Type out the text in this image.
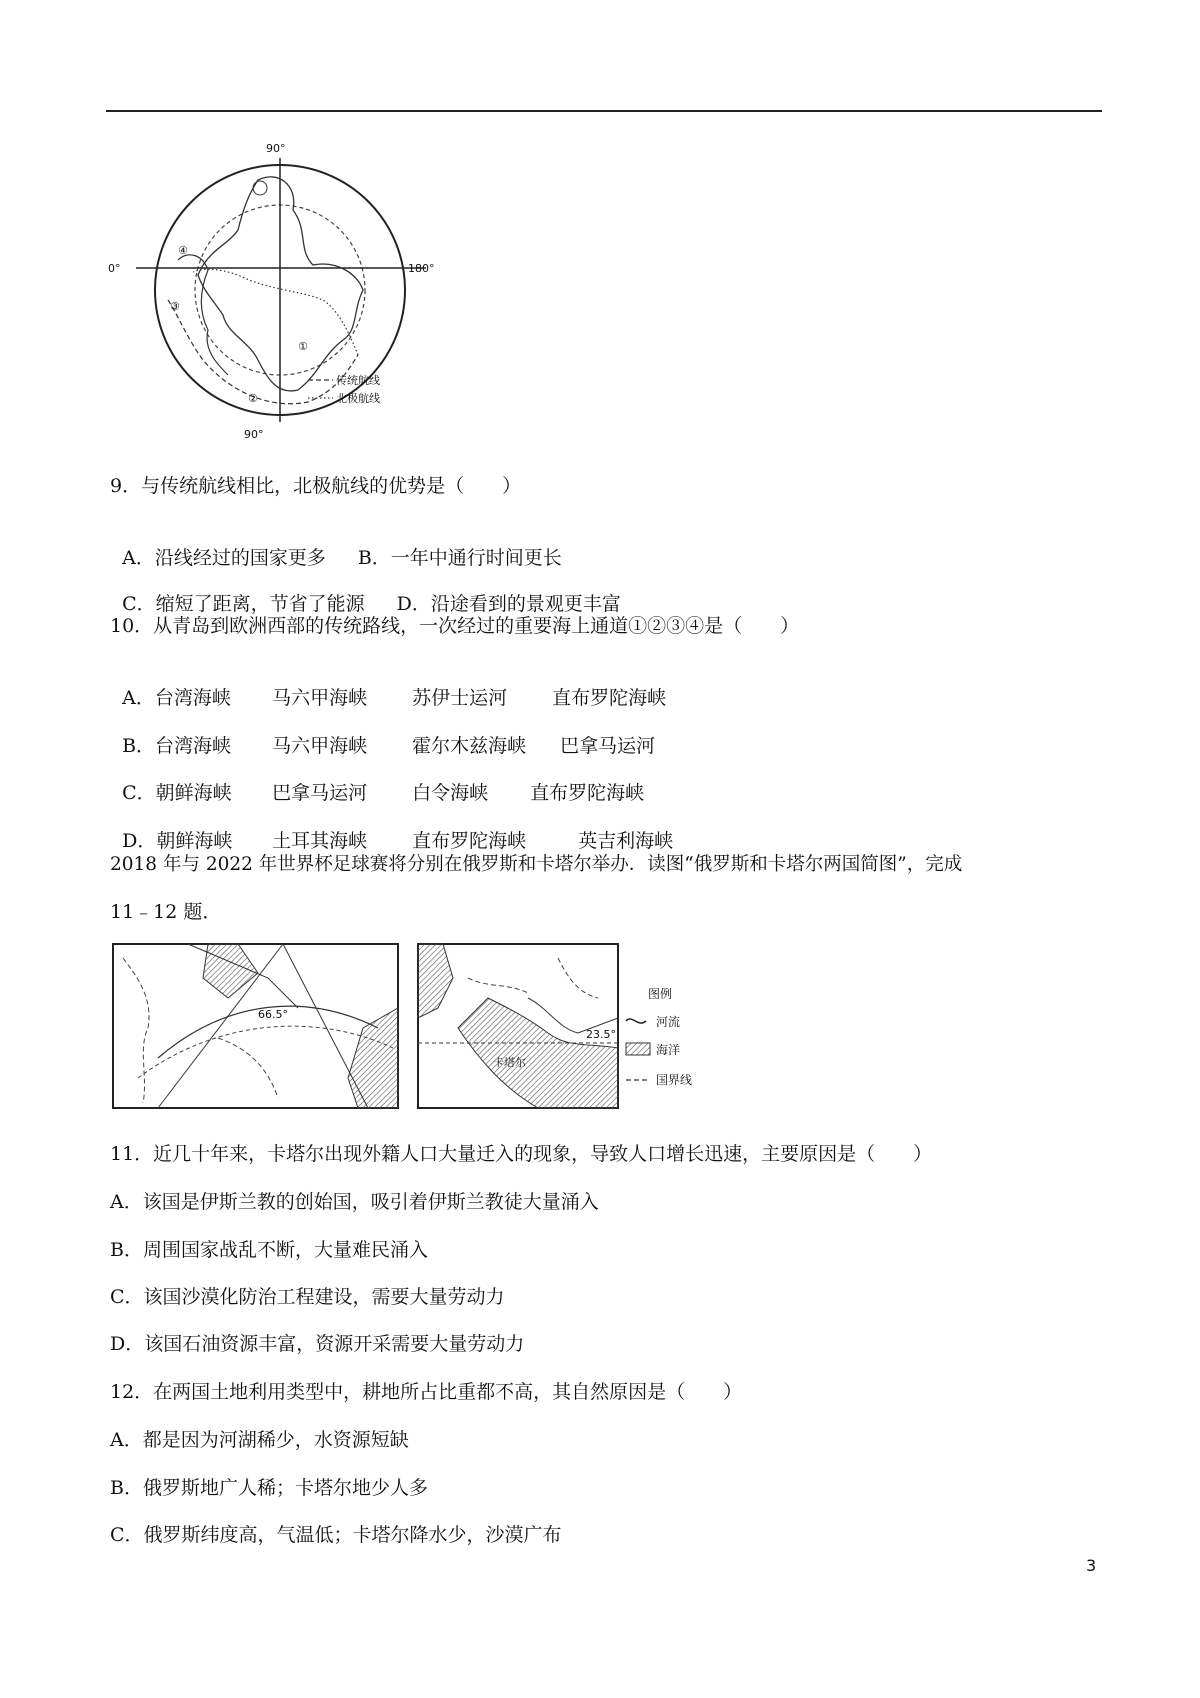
90°
90°
0°	180°
①
②
③
④
传统航线
北极航线
9．与传统航线相比，北极航线的优势是（　　）

A．沿线经过的国家更多 B．一年中通行时间更长

C．缩短了距离，节省了能源 D．沿途看到的景观更丰富

10．从青岛到欧洲西部的传统路线，一次经过的重要海上通道①②③④是（　　）

A．台湾海峡 马六甲海峡 苏伊士运河 直布罗陀海峡

B．台湾海峡 马六甲海峡 霍尔木兹海峡 巴拿马运河

C．朝鲜海峡 巴拿马运河 白令海峡 直布罗陀海峡

D．朝鲜海峡 土耳其海峡 直布罗陀海峡	英吉利海峡

2018 年与 2022 年世界杯足球赛将分别在俄罗斯和卡塔尔举办．读图“俄罗斯和卡塔尔两国简图”，完成
11﹣12 题．
66.5°
卡塔尔
23.5°
图例
河流
海洋
国界线
11．近几十年来，卡塔尔出现外籍人口大量迁入的现象，导致人口增长迅速，主要原因是（　　）
A．该国是伊斯兰教的创始国，吸引着伊斯兰教徒大量涌入
B．周围国家战乱不断，大量难民涌入
C．该国沙漠化防治工程建设，需要大量劳动力
D．该国石油资源丰富，资源开采需要大量劳动力
12．在两国土地利用类型中，耕地所占比重都不高，其自然原因是（　　）
A．都是因为河湖稀少，水资源短缺
B．俄罗斯地广人稀；卡塔尔地少人多
C．俄罗斯纬度高，气温低；卡塔尔降水少，沙漠广布
3
